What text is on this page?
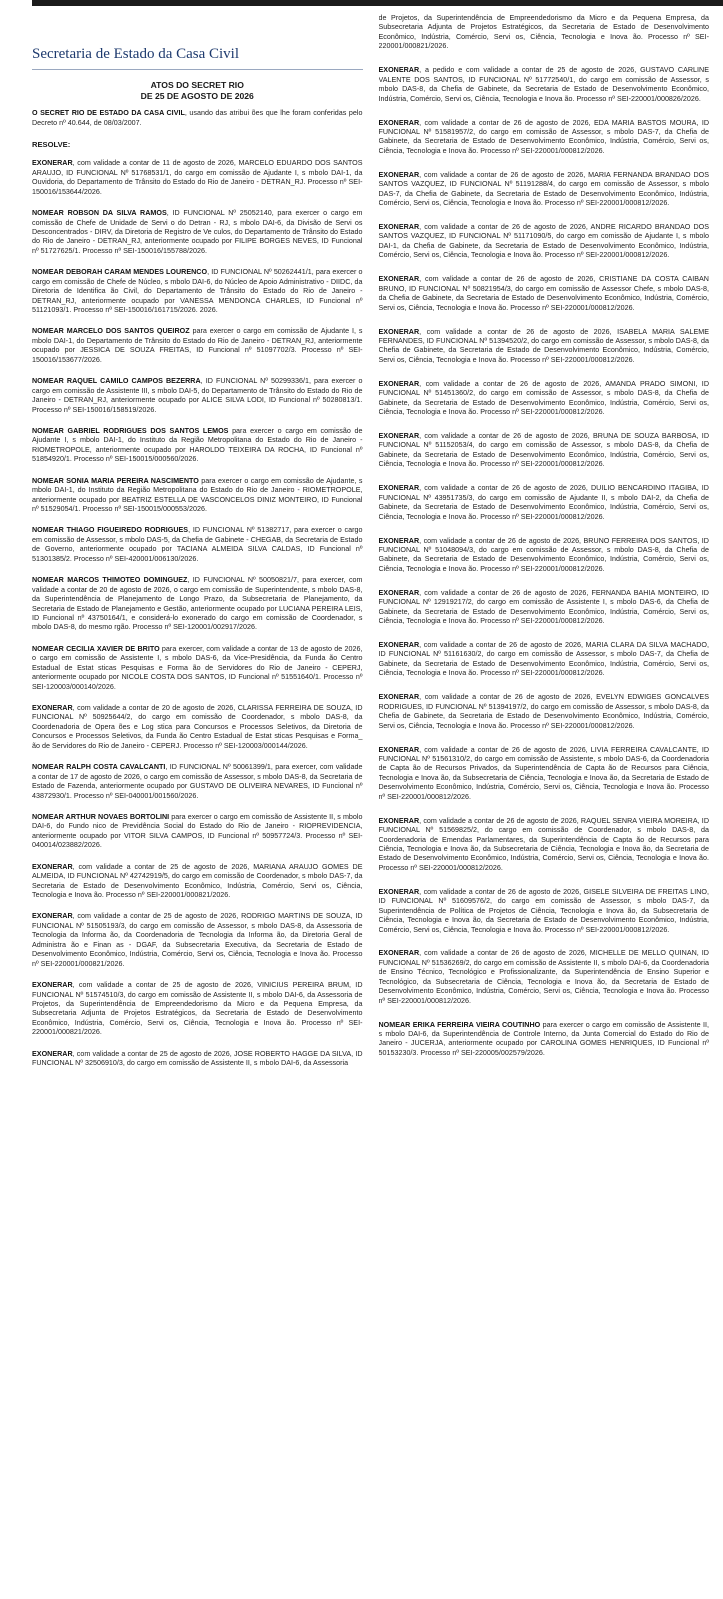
Secretaria de Estado da Casa Civil
ATOS DO SECRET RIO
DE 25 DE AGOSTO DE 2026

O SECRET RIO DE ESTADO DA CASA CIVIL, usando das atribui ões que lhe foram conferidas pelo Decreto nº 40.644, de 08/03/2007.

RESOLVE:

EXONERAR, com validade a contar de 11 de agosto de 2026, MARCELO EDUARDO DOS SANTOS ARAUJO, ID FUNCIONAL Nº 51768531/1, do cargo em comissão de Ajudante I, s mbolo DAI-1, da Ouvidoria, do Departamento de Trânsito do Estado do Rio de Janeiro - DETRAN_RJ. Processo nº SEI-150016/153644/2026.

NOMEAR ROBSON DA SILVA RAMOS, ID FUNCIONAL Nº 25052140, para exercer o cargo em comissão de Chefe de Unidade de Servi o do Detran - RJ, s mbolo DAI-6, da Divisão de Servi os Desconcentrados - DIRV, da Diretoria de Registro de Ve culos, do Departamento de Trânsito do Estado do Rio de Janeiro - DETRAN_RJ, anteriormente ocupado por FILIPE BORGES NEVES, ID Funcional nº 51727625/1. Processo nº SEI-150016/155788/2026.

NOMEAR DEBORAH CARAM MENDES LOURENCO, ID FUNCIONAL Nº 50262441/1, para exercer o cargo em comissão de Chefe de Núcleo, s mbolo DAI-6, do Núcleo de Apoio Administrativo - DIIDC, da Diretoria de Identifica ão Civil, do Departamento de Trânsito do Estado do Rio de Janeiro - DETRAN_RJ, anteriormente ocupado por VANESSA MENDONCA CHARLES, ID Funcional nº 51121093/1. Processo nº SEI-150016/161715/2026. 2026.

NOMEAR MARCELO DOS SANTOS QUEIROZ para exercer o cargo em comissão de Ajudante I, s mbolo DAI-1, do Departamento de Trânsito do Estado do Rio de Janeiro - DETRAN_RJ, anteriormente ocupado por JESSICA DE SOUZA FREITAS, ID Funcional nº 51097702/3. Processo nº SEI-150016/153677/2026.

NOMEAR RAQUEL CAMILO CAMPOS BEZERRA, ID FUNCIONAL Nº 50299336/1, para exercer o cargo em comissão de Assistente III, s mbolo DAI-5, do Departamento de Trânsito do Estado do Rio de Janeiro - DETRAN_RJ, anteriormente ocupado por ALICE SILVA LODI, ID Funcional nº 50280813/1. Processo nº SEI-150016/158519/2026.

NOMEAR GABRIEL RODRIGUES DOS SANTOS LEMOS para exercer o cargo em comissão de Ajudante I, s mbolo DAI-1, do Instituto da Região Metropolitana do Estado do Rio de Janeiro - RIOMETROPOLE, anteriormente ocupado por HAROLDO TEIXEIRA DA ROCHA, ID Funcional nº 51854920/1. Processo nº SEI-150015/000560/2026.

NOMEAR SONIA MARIA PEREIRA NASCIMENTO para exercer o cargo em comissão de Ajudante, s mbolo DAI-1, do Instituto da Região Metropolitana do Estado do Rio de Janeiro - RIOMETROPOLE, anteriormente ocupado por BEATRIZ ESTELLA DE VASCONCELOS DINIZ MONTEIRO, ID Funcional nº 51529054/1. Processo nº SEI-150015/000553/2026.

NOMEAR THIAGO FIGUEIREDO RODRIGUES, ID FUNCIONAL Nº 51382717, para exercer o cargo em comissão de Assessor, s mbolo DAS-5, da Chefia de Gabinete - CHEGAB, da Secretaria de Estado de Governo, anteriormente ocupado por TACIANA ALMEIDA SILVA CALDAS, ID Funcional nº 51301385/2. Processo nº SEI-420001/006130/2026.

NOMEAR MARCOS THIMOTEO DOMINGUEZ, ID FUNCIONAL Nº 50050821/7, para exercer, com validade a contar de 20 de agosto de 2026, o cargo em comissão de Superintendente, s mbolo DAS-8, da Superintendência de Planejamento de Longo Prazo, da Subsecretaria de Planejamento, da Secretaria de Estado de Planejamento e Gestão, anteriormente ocupado por LUCIANA PEREIRA LEIS, ID Funcional nº 43750164/1, e considerá-lo exonerado do cargo em comissão de Coordenador, s mbolo DAS-8, do mesmo rgão. Processo nº SEI-120001/002917/2026.

NOMEAR CECILIA XAVIER DE BRITO para exercer, com validade a contar de 13 de agosto de 2026, o cargo em comissão de Assistente I, s mbolo DAS-6, da Vice-Presidência, da Funda ão Centro Estadual de Estat sticas Pesquisas e Forma ão de Servidores do Rio de Janeiro - CEPERJ, anteriormente ocupado por NICOLE COSTA DOS SANTOS, ID Funcional nº 51551640/1. Processo nº SEI-120003/000140/2026.

EXONERAR, com validade a contar de 20 de agosto de 2026, CLARISSA FERREIRA DE SOUZA, ID FUNCIONAL Nº 50925644/2, do cargo em comissão de Coordenador, s mbolo DAS-8, da Coordenadoria de Opera ões e Log stica para Concursos e Processos Seletivos, da Diretoria de Concursos e Processos Seletivos, da Funda ão Centro Estadual de Estat sticas Pesquisas e Forma_ ão de Servidores do Rio de Janeiro - CEPERJ. Processo nº SEI-120003/000144/2026.

NOMEAR RALPH COSTA CAVALCANTI, ID FUNCIONAL Nº 50061399/1, para exercer, com validade a contar de 17 de agosto de 2026, o cargo em comissão de Assessor, s mbolo DAS-8, da Secretaria de Estado de Fazenda, anteriormente ocupado por GUSTAVO DE OLIVEIRA NEVARES, ID Funcional nº 43872930/1. Processo nº SEI-040001/001560/2026.

NOMEAR ARTHUR NOVAES BORTOLINI para exercer o cargo em comissão de Assistente II, s mbolo DAI-6, do Fundo nico de Previdência Social do Estado do Rio de Janeiro - RIOPREVIDENCIA, anteriormente ocupado por VITOR SILVA CAMPOS, ID Funcional nº 50957724/3. Processo nº SEI-040014/023882/2026.

EXONERAR, com validade a contar de 25 de agosto de 2026, MARIANA ARAUJO GOMES DE ALMEIDA, ID FUNCIONAL Nº 42742919/5, do cargo em comissão de Coordenador, s mbolo DAS-7, da Secretaria de Estado de Desenvolvimento Econômico, Indústria, Comércio, Servi os, Ciência, Tecnologia e Inova ão. Processo nº SEI-220001/000821/2026.

EXONERAR, com validade a contar de 25 de agosto de 2026, RODRIGO MARTINS DE SOUZA, ID FUNCIONAL Nº 51505193/3, do cargo em comissão de Assessor, s mbolo DAS-8, da Assessoria de Tecnologia da Informa ão, da Coordenadoria de Tecnologia da Informa ão, da Diretoria Geral de Administra ão e Finan as - DGAF, da Subsecretaria Executiva, da Secretaria de Estado de Desenvolvimento Econômico, Indústria, Comércio, Servi os, Ciência, Tecnologia e Inova ão. Processo nº SEI-220001/000821/2026.

EXONERAR, com validade a contar de 25 de agosto de 2026, VINICIUS PEREIRA BRUM, ID FUNCIONAL Nº 51574510/3, do cargo em comissão de Assistente II, s mbolo DAI-6, da Assessoria de Projetos, da Superintendência de Empreendedorismo da Micro e da Pequena Empresa, da Subsecretaria Adjunta de Projetos Estratégicos, da Secretaria de Estado de Desenvolvimento Econômico, Indústria, Comércio, Servi os, Ciência, Tecnologia e Inova ão. Processo nº SEI-220001/000821/2026.

EXONERAR, com validade a contar de 25 de agosto de 2026, JOSE ROBERTO HAGGE DA SILVA, ID FUNCIONAL Nº 32506910/3, do cargo em comissão de Assistente II, s mbolo DAI-6, da Assessoria

de Projetos, da Superintendência de Empreendedorismo da Micro e da Pequena Empresa, da Subsecretaria Adjunta de Projetos Estratégicos, da Secretaria de Estado de Desenvolvimento Econômico, Indústria, Comércio, Servi os, Ciência, Tecnologia e Inova ão. Processo nº SEI-220001/000821/2026.

EXONERAR, a pedido e com validade a contar de 25 de agosto de 2026, GUSTAVO CARLINE VALENTE DOS SANTOS, ID FUNCIONAL Nº 51772540/1, do cargo em comissão de Assessor, s mbolo DAS-8, da Chefia de Gabinete, da Secretaria de Estado de Desenvolvimento Econômico, Indústria, Comércio, Servi os, Ciência, Tecnologia e Inova ão. Processo nº SEI-220001/000826/2026.

EXONERAR, com validade a contar de 26 de agosto de 2026, EDA MARIA BASTOS MOURA, ID FUNCIONAL Nº 51581957/2, do cargo em comissão de Assessor, s mbolo DAS-7, da Chefia de Gabinete, da Secretaria de Estado de Desenvolvimento Econômico, Indústria, Comércio, Servi os, Ciência, Tecnologia e Inova ão. Processo nº SEI-220001/000812/2026.

EXONERAR, com validade a contar de 26 de agosto de 2026, MARIA FERNANDA BRANDAO DOS SANTOS VAZQUEZ, ID FUNCIONAL Nº 51191288/4, do cargo em comissão de Assessor, s mbolo DAS-7, da Chefia de Gabinete, da Secretaria de Estado de Desenvolvimento Econômico, Indústria, Comércio, Servi os, Ciência, Tecnologia e Inova ão. Processo nº SEI-220001/000812/2026.

EXONERAR, com validade a contar de 26 de agosto de 2026, ANDRE RICARDO BRANDAO DOS SANTOS VAZQUEZ, ID FUNCIONAL Nº 51171090/5, do cargo em comissão de Ajudante I, s mbolo DAI-1, da Chefia de Gabinete, da Secretaria de Estado de Desenvolvimento Econômico, Indústria, Comércio, Servi os, Ciência, Tecnologia e Inova ão. Processo nº SEI-220001/000812/2026.

EXONERAR, com validade a contar de 26 de agosto de 2026, CRISTIANE DA COSTA CAIBAN BRUNO, ID FUNCIONAL Nº 50821954/3, do cargo em comissão de Assessor Chefe, s mbolo DAS-8, da Chefia de Gabinete, da Secretaria de Estado de Desenvolvimento Econômico, Indústria, Comércio, Servi os, Ciência, Tecnologia e Inova ão. Processo nº SEI-220001/000812/2026.

EXONERAR, com validade a contar de 26 de agosto de 2026, ISABELA MARIA SALEME FERNANDES, ID FUNCIONAL Nº 51394520/2, do cargo em comissão de Assessor, s mbolo DAS-8, da Chefia de Gabinete, da Secretaria de Estado de Desenvolvimento Econômico, Indústria, Comércio, Servi os, Ciência, Tecnologia e Inova ão. Processo nº SEI-220001/000812/2026.

EXONERAR, com validade a contar de 26 de agosto de 2026, AMANDA PRADO SIMONI, ID FUNCIONAL Nº 51451360/2, do cargo em comissão de Assessor, s mbolo DAS-8, da Chefia de Gabinete, da Secretaria de Estado de Desenvolvimento Econômico, Indústria, Comércio, Servi os, Ciência, Tecnologia e Inova ão. Processo nº SEI-220001/000812/2026.

EXONERAR, com validade a contar de 26 de agosto de 2026, BRUNA DE SOUZA BARBOSA, ID FUNCIONAL Nº 51152053/4, do cargo em comissão de Assessor, s mbolo DAS-8, da Chefia de Gabinete, da Secretaria de Estado de Desenvolvimento Econômico, Indústria, Comércio, Servi os, Ciência, Tecnologia e Inova ão. Processo nº SEI-220001/000812/2026.

EXONERAR, com validade a contar de 26 de agosto de 2026, DUILIO BENCARDINO ITAGIBA, ID FUNCIONAL Nº 43951735/3, do cargo em comissão de Ajudante II, s mbolo DAI-2, da Chefia de Gabinete, da Secretaria de Estado de Desenvolvimento Econômico, Indústria, Comércio, Servi os, Ciência, Tecnologia e Inova ão. Processo nº SEI-220001/000812/2026.

EXONERAR, com validade a contar de 26 de agosto de 2026, BRUNO FERREIRA DOS SANTOS, ID FUNCIONAL Nº 51048094/3, do cargo em comissão de Assessor, s mbolo DAS-8, da Chefia de Gabinete, da Secretaria de Estado de Desenvolvimento Econômico, Indústria, Comércio, Servi os, Ciência, Tecnologia e Inova ão. Processo nº SEI-220001/000812/2026.

EXONERAR, com validade a contar de 26 de agosto de 2026, FERNANDA BAHIA MONTEIRO, ID FUNCIONAL Nº 12919217/2, do cargo em comissão de Assistente I, s mbolo DAS-6, da Chefia de Gabinete, da Secretaria de Estado de Desenvolvimento Econômico, Indústria, Comércio, Servi os, Ciência, Tecnologia e Inova ão. Processo nº SEI-220001/000812/2026.

EXONERAR, com validade a contar de 26 de agosto de 2026, MARIA CLARA DA SILVA MACHADO, ID FUNCIONAL Nº 51161630/2, do cargo em comissão de Assessor, s mbolo DAS-7, da Chefia de Gabinete, da Secretaria de Estado de Desenvolvimento Econômico, Indústria, Comércio, Servi os, Ciência, Tecnologia e Inova ão. Processo nº SEI-220001/000812/2026.

EXONERAR, com validade a contar de 26 de agosto de 2026, EVELYN EDWIGES GONCALVES RODRIGUES, ID FUNCIONAL Nº 51394197/2, do cargo em comissão de Assessor, s mbolo DAS-8, da Chefia de Gabinete, da Secretaria de Estado de Desenvolvimento Econômico, Indústria, Comércio, Servi os, Ciência, Tecnologia e Inova ão. Processo nº SEI-220001/000812/2026.

EXONERAR, com validade a contar de 26 de agosto de 2026, LIVIA FERREIRA CAVALCANTE, ID FUNCIONAL Nº 51561310/2, do cargo em comissão de Assistente, s mbolo DAS-6, da Coordenadoria de Capta ão de Recursos Privados, da Superintendência de Capta ão de Recursos para Ciência, Tecnologia e Inova ão, da Subsecretaria de Ciência, Tecnologia e Inova ão, da Secretaria de Estado de Desenvolvimento Econômico, Indústria, Comércio, Servi os, Ciência, Tecnologia e Inova ão. Processo nº SEI-220001/000812/2026.

EXONERAR, com validade a contar de 26 de agosto de 2026, RAQUEL SENRA VIEIRA MOREIRA, ID FUNCIONAL Nº 51569825/2, do cargo em comissão de Coordenador, s mbolo DAS-8, da Coordenadoria de Emendas Parlamentares, da Superintendência de Capta ão de Recursos para Ciência, Tecnologia e Inova ão, da Subsecretaria de Ciência, Tecnologia e Inova ão, da Secretaria de Estado de Desenvolvimento Econômico, Indústria, Comércio, Servi os, Ciência, Tecnologia e Inova ão. Processo nº SEI-220001/000812/2026.

EXONERAR, com validade a contar de 26 de agosto de 2026, GISELE SILVEIRA DE FREITAS LINO, ID FUNCIONAL Nº 51609576/2, do cargo em comissão de Assessor, s mbolo DAS-7, da Superintendência de Política de Projetos de Ciência, Tecnologia e Inova ão, da Subsecretaria de Ciência, Tecnologia e Inova ão, da Secretaria de Estado de Desenvolvimento Econômico, Indústria, Comércio, Servi os, Ciência, Tecnologia e Inova ão. Processo nº SEI-220001/000812/2026.

EXONERAR, com validade a contar de 26 de agosto de 2026, MICHELLE DE MELLO QUINAN, ID FUNCIONAL Nº 51536269/2, do cargo em comissão de Assistente II, s mbolo DAI-6, da Coordenadoria de Ensino Técnico, Tecnológico e Profissionalizante, da Superintendência de Ensino Superior e Tecnológico, da Subsecretaria de Ciência, Tecnologia e Inova ão, da Secretaria de Estado de Desenvolvimento Econômico, Indústria, Comércio, Servi os, Ciência, Tecnologia e Inova ão. Processo nº SEI-220001/000812/2026.

NOMEAR ERIKA FERREIRA VIEIRA COUTINHO para exercer o cargo em comissão de Assistente II, s mbolo DAI-6, da Superintendência de Controle Interno, da Junta Comercial do Estado do Rio de Janeiro - JUCERJA, anteriormente ocupado por CAROLINA GOMES HENRIQUES, ID Funcional nº 50153230/3. Processo nº SEI-220005/002579/2026.
